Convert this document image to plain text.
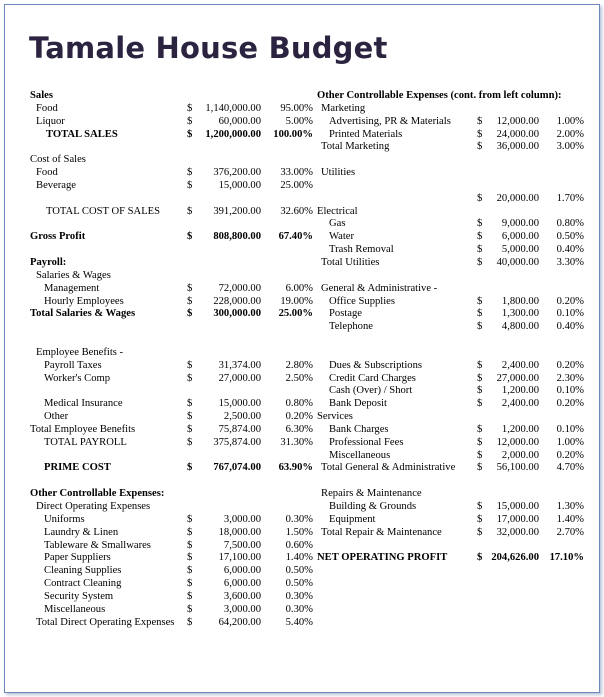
Tamale House Budget
Sales
Food	$	1,140,000.00	95.00%
Liquor	$	60,000.00	5.00%
TOTAL SALES	$	1,200,000.00	100.00%
Cost of Sales
Food	$	376,200.00	33.00%
Beverage	$	15,000.00	25.00%
TOTAL COST OF SALES	$	391,200.00	32.60%
Gross Profit	$	808,800.00	67.40%
Payroll:
Salaries & Wages
Management	$	72,000.00	6.00%
Hourly Employees	$	228,000.00	19.00%
Total Salaries & Wages	$	300,000.00	25.00%
Employee Benefits -
Payroll Taxes	$	31,374.00	2.80%
Worker's Comp	$	27,000.00	2.50%
Medical Insurance	$	15,000.00	0.80%
Other	$	2,500.00	0.20%
Total Employee Benefits	$	75,874.00	6.30%
TOTAL PAYROLL	$	375,874.00	31.30%
PRIME COST	$	767,074.00	63.90%
Other Controllable Expenses:
Direct Operating Expenses
Uniforms	$	3,000.00	0.30%
Laundry & Linen	$	18,000.00	1.50%
Tableware & Smallwares	$	7,500.00	0.60%
Paper Suppliers	$	17,100.00	1.40%
Cleaning Supplies	$	6,000.00	0.50%
Contract Cleaning	$	6,000.00	0.50%
Security System	$	3,600.00	0.30%
Miscellaneous	$	3,000.00	0.30%
Total Direct Operating Expenses	$	64,200.00	5.40%
Other Controllable Expenses (cont. from left column):
Marketing
Advertising, PR & Materials	$	12,000.00	1.00%
Printed Materials	$	24,000.00	2.00%
Total Marketing	$	36,000.00	3.00%
Utilities
$	20,000.00	1.70%
Electrical
Gas	$	9,000.00	0.80%
Water	$	6,000.00	0.50%
Trash Removal	$	5,000.00	0.40%
Total Utilities	$	40,000.00	3.30%
General & Administrative -
Office Supplies	$	1,800.00	0.20%
Postage	$	1,300.00	0.10%
Telephone	$	4,800.00	0.40%
Dues & Subscriptions	$	2,400.00	0.20%
Credit Card Charges	$	27,000.00	2.30%
Cash (Over) / Short	$	1,200.00	0.10%
Bank Deposit	$	2,400.00	0.20%
Services
Bank Charges	$	1,200.00	0.10%
Professional Fees	$	12,000.00	1.00%
Miscellaneous	$	2,000.00	0.20%
Total General & Administrative	$	56,100.00	4.70%
Repairs & Maintenance
Building & Grounds	$	15,000.00	1.30%
Equipment	$	17,000.00	1.40%
Total Repair & Maintenance	$	32,000.00	2.70%
NET OPERATING PROFIT	$ 204,626.00 17.10%
